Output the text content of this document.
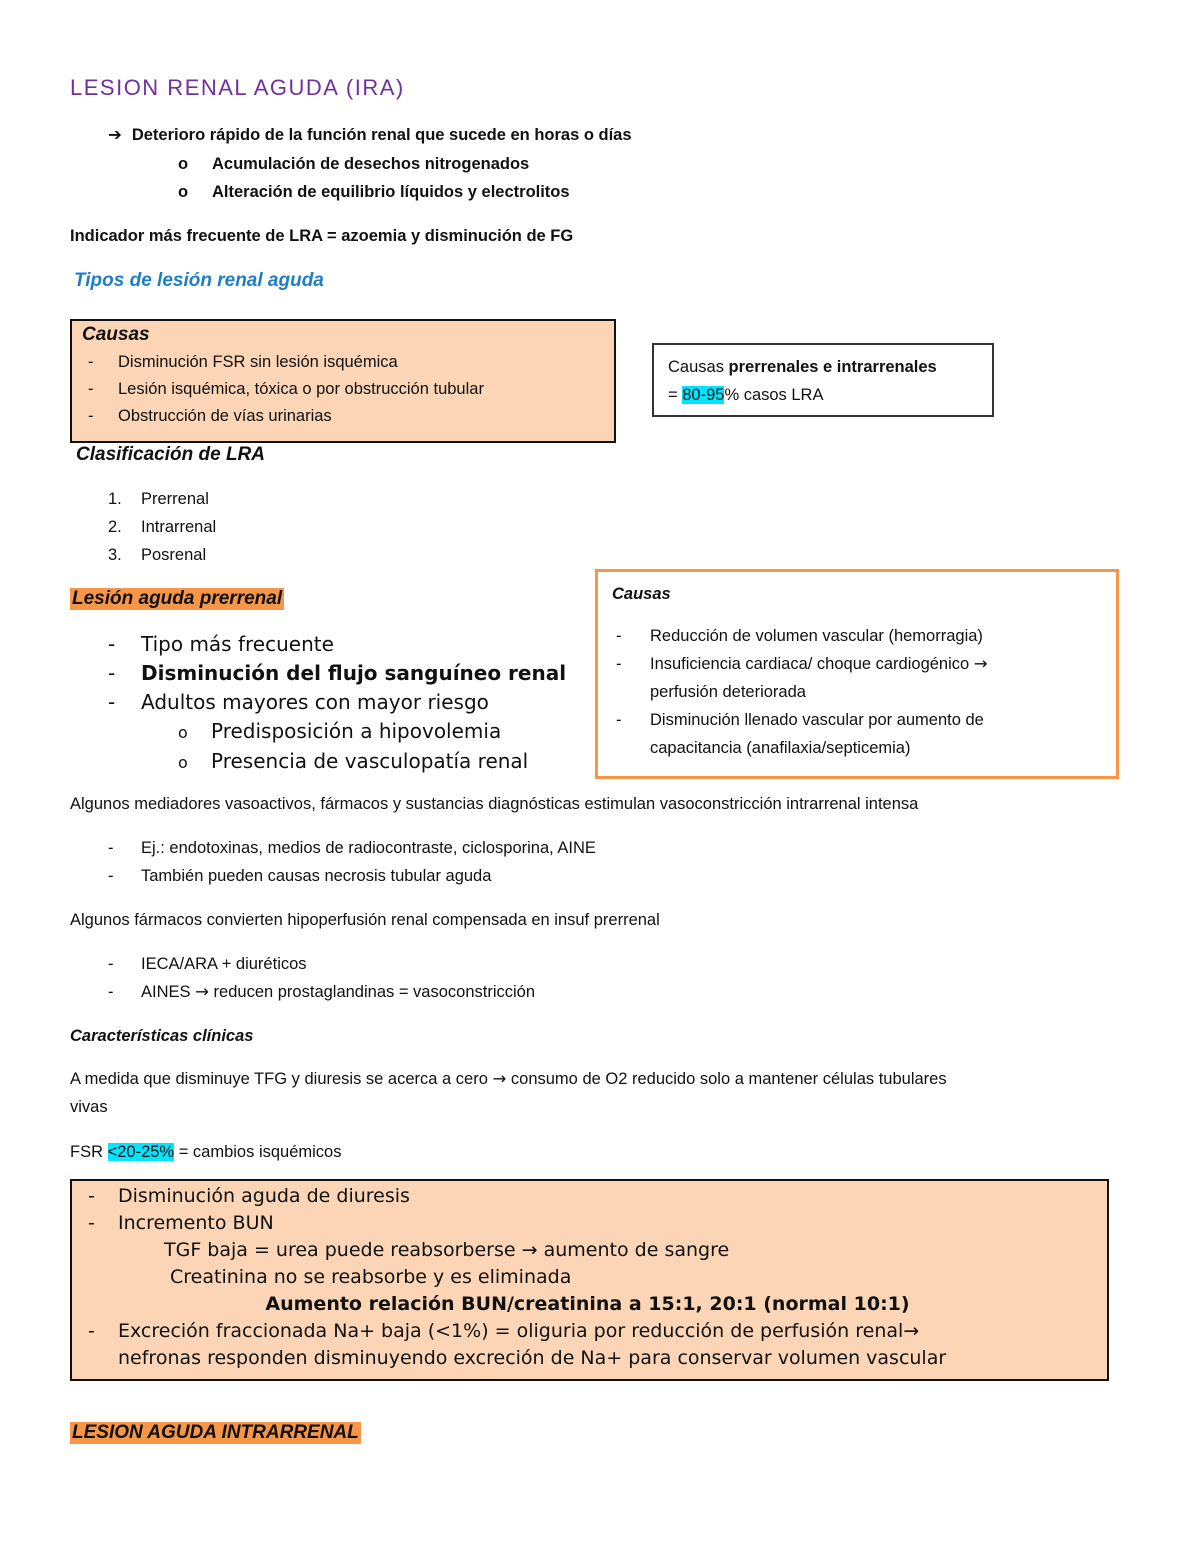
LESION RENAL AGUDA (IRA)
➔ Deterioro rápido de la función renal que sucede en horas o días
o Acumulación de desechos nitrogenados
o Alteración de equilibrio líquidos y electrolitos
Indicador más frecuente de LRA = azoemia y disminución de FG
Tipos de lesión renal aguda
Causas
- Disminución FSR sin lesión isquémica
- Lesión isquémica, tóxica o por obstrucción tubular
- Obstrucción de vías urinarias
Causas prerrenales e intrarrenales
= 80-95% casos LRA
Clasificación de LRA
1. Prerrenal
2. Intrarrenal
3. Posrenal
Lesión aguda prerrenal
- Tipo más frecuente
- Disminución del flujo sanguíneo renal
- Adultos mayores con mayor riesgo
o Predisposición a hipovolemia
o Presencia de vasculopatía renal
Causas
- Reducción de volumen vascular (hemorragia)
- Insuficiencia cardiaca/ choque cardiogénico →
perfusión deteriorada
- Disminución llenado vascular por aumento de
capacitancia (anafilaxia/septicemia)
Algunos mediadores vasoactivos, fármacos y sustancias diagnósticas estimulan vasoconstricción intrarrenal intensa
- Ej.: endotoxinas, medios de radiocontraste, ciclosporina, AINE
- También pueden causas necrosis tubular aguda
Algunos fármacos convierten hipoperfusión renal compensada en insuf prerrenal
- IECA/ARA + diuréticos
- AINES → reducen prostaglandinas = vasoconstricción
Características clínicas
A medida que disminuye TFG y diuresis se acerca a cero → consumo de O2 reducido solo a mantener células tubulares
vivas
FSR <20-25% = cambios isquémicos
- Disminución aguda de diuresis
- Incremento BUN
TGF baja = urea puede reabsorberse → aumento de sangre
Creatinina no se reabsorbe y es eliminada
Aumento relación BUN/creatinina a 15:1, 20:1 (normal 10:1)
- Excreción fraccionada Na+ baja (<1%) = oliguria por reducción de perfusión renal→
nefronas responden disminuyendo excreción de Na+ para conservar volumen vascular
LESION AGUDA INTRARRENAL
